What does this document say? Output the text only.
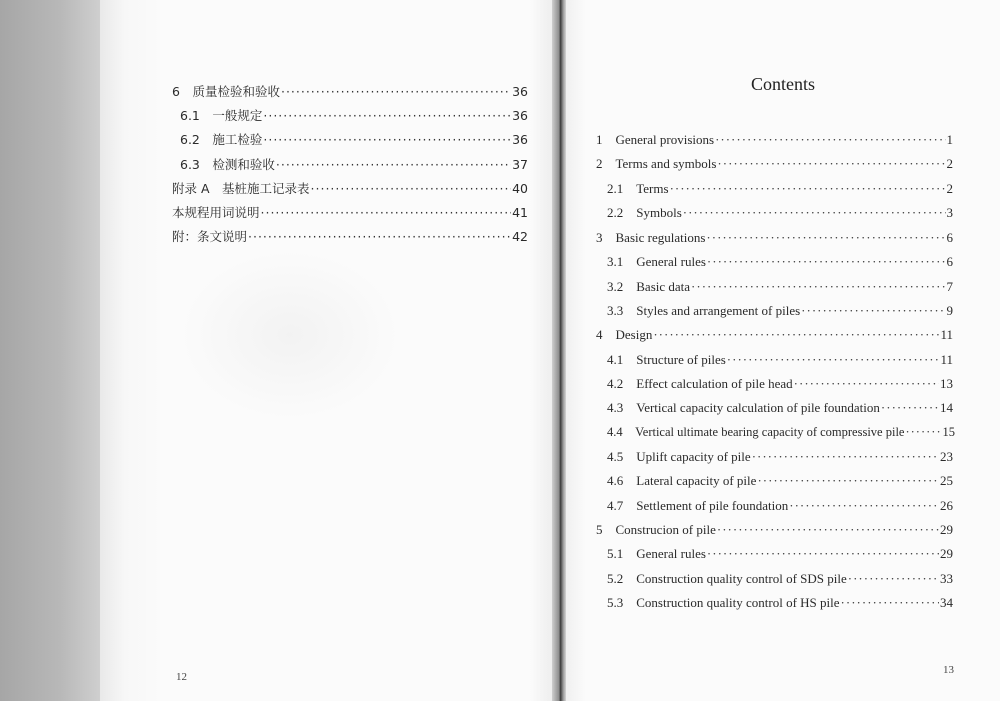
6　质量检验和验收 ·····	36
6.1　一般规定 ·····	36
6.2　施工检验 ·····	36
6.3　检测和验收 ·····	37
附录 A　基桩施工记录表 ·····	40
本规程用词说明 ·····	41
附：条文说明 ·····	42
12
Contents
1　General provisions ·····	1
2　Terms and symbols ·····	2
2.1　Terms ·····	2
2.2　Symbols ·····	3
3　Basic regulations ·····	6
3.1　General rules ·····	6
3.2　Basic data ·····	7
3.3　Styles and arrangement of piles ·····	9
4　Design ·····	11
4.1　Structure of piles ·····	11
4.2　Effect calculation of pile head ·····	13
4.3　Vertical capacity calculation of pile foundation ·····	14
4.4　Vertical ultimate bearing capacity of compressive pile ·····	15
4.5　Uplift capacity of pile ·····	23
4.6　Lateral capacity of pile ·····	25
4.7　Settlement of pile foundation ·····	26
5　Construcion of pile ·····	29
5.1　General rules ·····	29
5.2　Construction quality control of SDS pile ·····	33
5.3　Construction quality control of HS pile ·····	34
13
